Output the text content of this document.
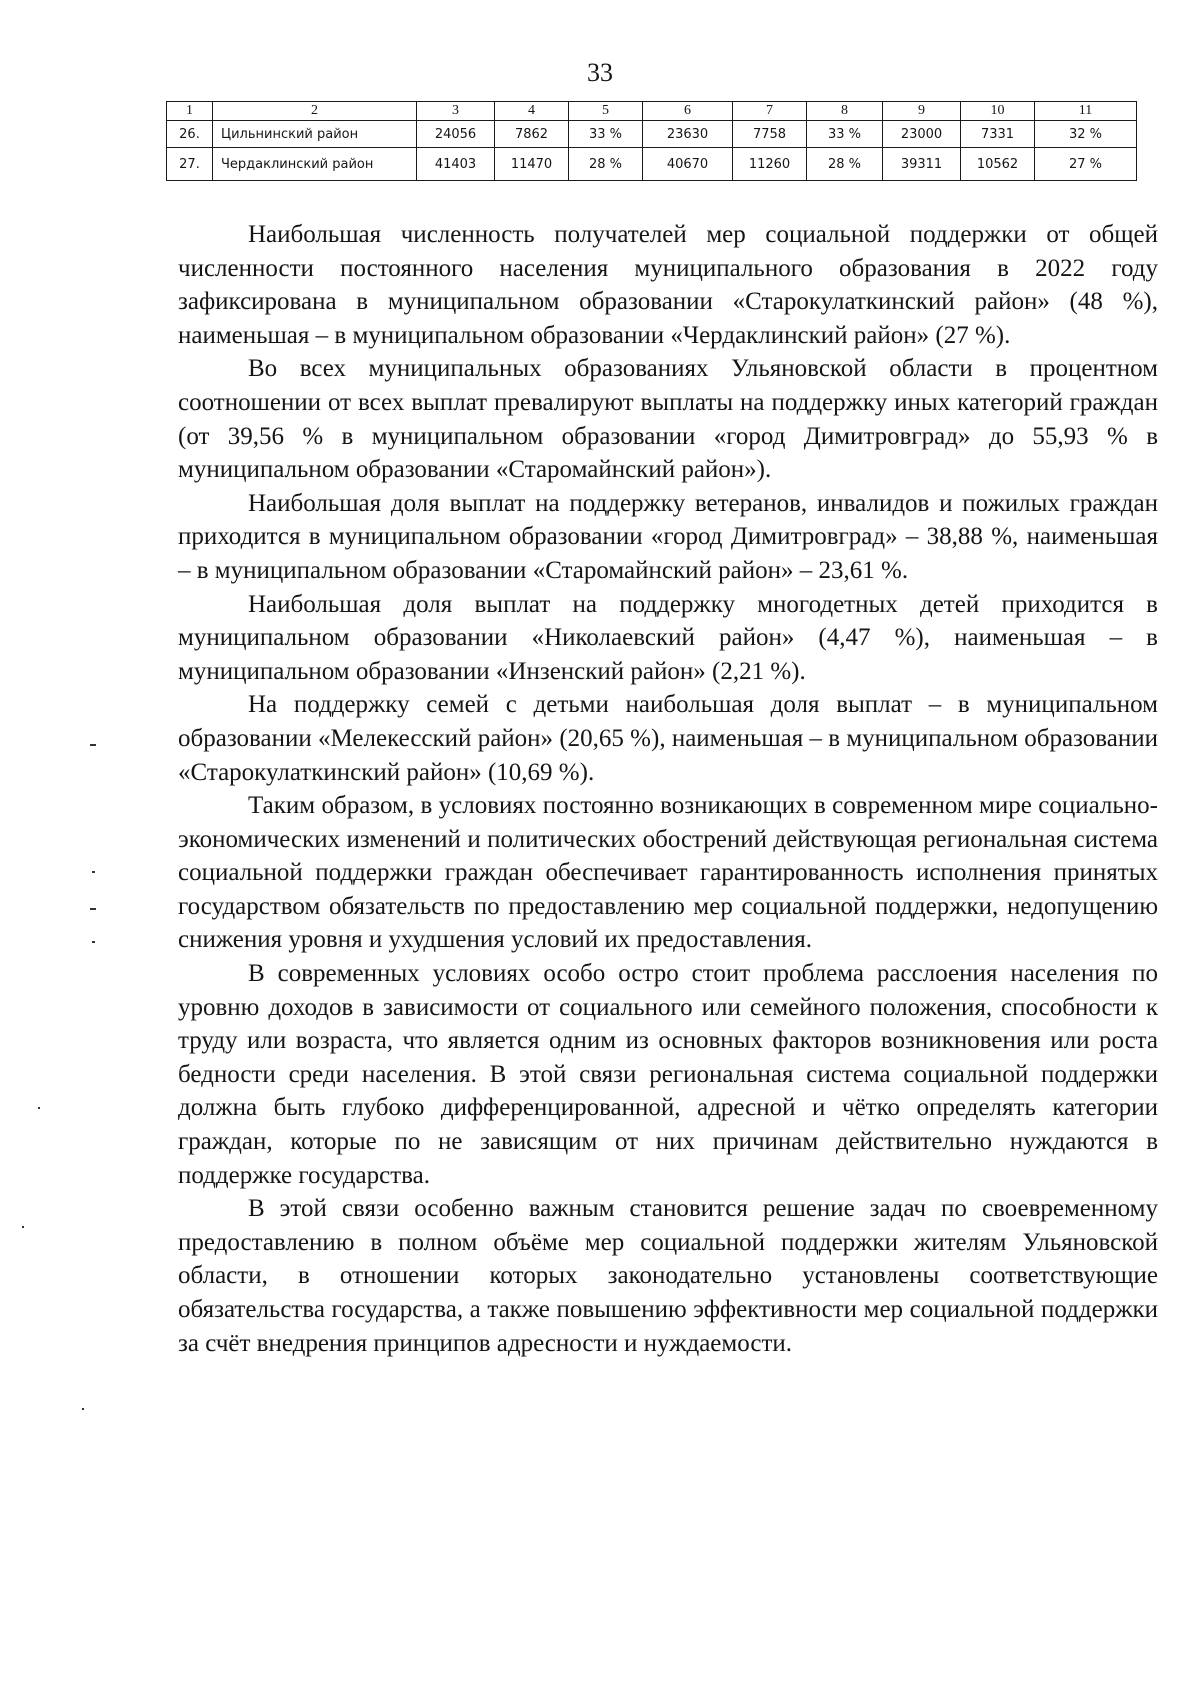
33
1	2	3	4	5	6	7	8	9	10	11
26.	Цильнинский район	24056	7862	33 %	23630	7758	33 %	23000	7331	32 %
27.	Чердаклинский район	41403	11470	28 %	40670	11260	28 %	39311	10562	27 %

Наибольшая численность получателей мер социальной поддержки от общей численности постоянного населения муниципального образования в 2022 году зафиксирована в муниципальном образовании «Старокулаткинский район» (48 %), наименьшая – в муниципальном образовании «Чердаклинский район» (27 %).

Во всех муниципальных образованиях Ульяновской области в процентном соотношении от всех выплат превалируют выплаты на поддержку иных категорий граждан (от 39,56 % в муниципальном образовании «город Димитровград» до 55,93 % в муниципальном образовании «Старомайнский район»).

Наибольшая доля выплат на поддержку ветеранов, инвалидов и пожилых граждан приходится в муниципальном образовании «город Димитровград» – 38,88 %, наименьшая – в муниципальном образовании «Старомайнский район» – 23,61 %.

Наибольшая доля выплат на поддержку многодетных детей приходится в муниципальном образовании «Николаевский район» (4,47 %), наименьшая – в муниципальном образовании «Инзенский район» (2,21 %).

На поддержку семей с детьми наибольшая доля выплат – в муниципальном образовании «Мелекесский район» (20,65 %), наименьшая – в муниципальном образовании «Старокулаткинский район» (10,69 %).

Таким образом, в условиях постоянно возникающих в современном мире социально-экономических изменений и политических обострений действующая региональная система социальной поддержки граждан обеспечивает гарантированность исполнения принятых государством обязательств по предоставлению мер социальной поддержки, недопущению снижения уровня и ухудшения условий их предоставления.

В современных условиях особо остро стоит проблема расслоения населения по уровню доходов в зависимости от социального или семейного положения, способности к труду или возраста, что является одним из основных факторов возникновения или роста бедности среди населения. В этой связи региональная система социальной поддержки должна быть глубоко дифференцированной, адресной и чётко определять категории граждан, которые по не зависящим от них причинам действительно нуждаются в поддержке государства.

В этой связи особенно важным становится решение задач по своевременному предоставлению в полном объёме мер социальной поддержки жителям Ульяновской области, в отношении которых законодательно установлены соответствующие обязательства государства, а также повышению эффективности мер социальной поддержки за счёт внедрения принципов адресности и нуждаемости.
